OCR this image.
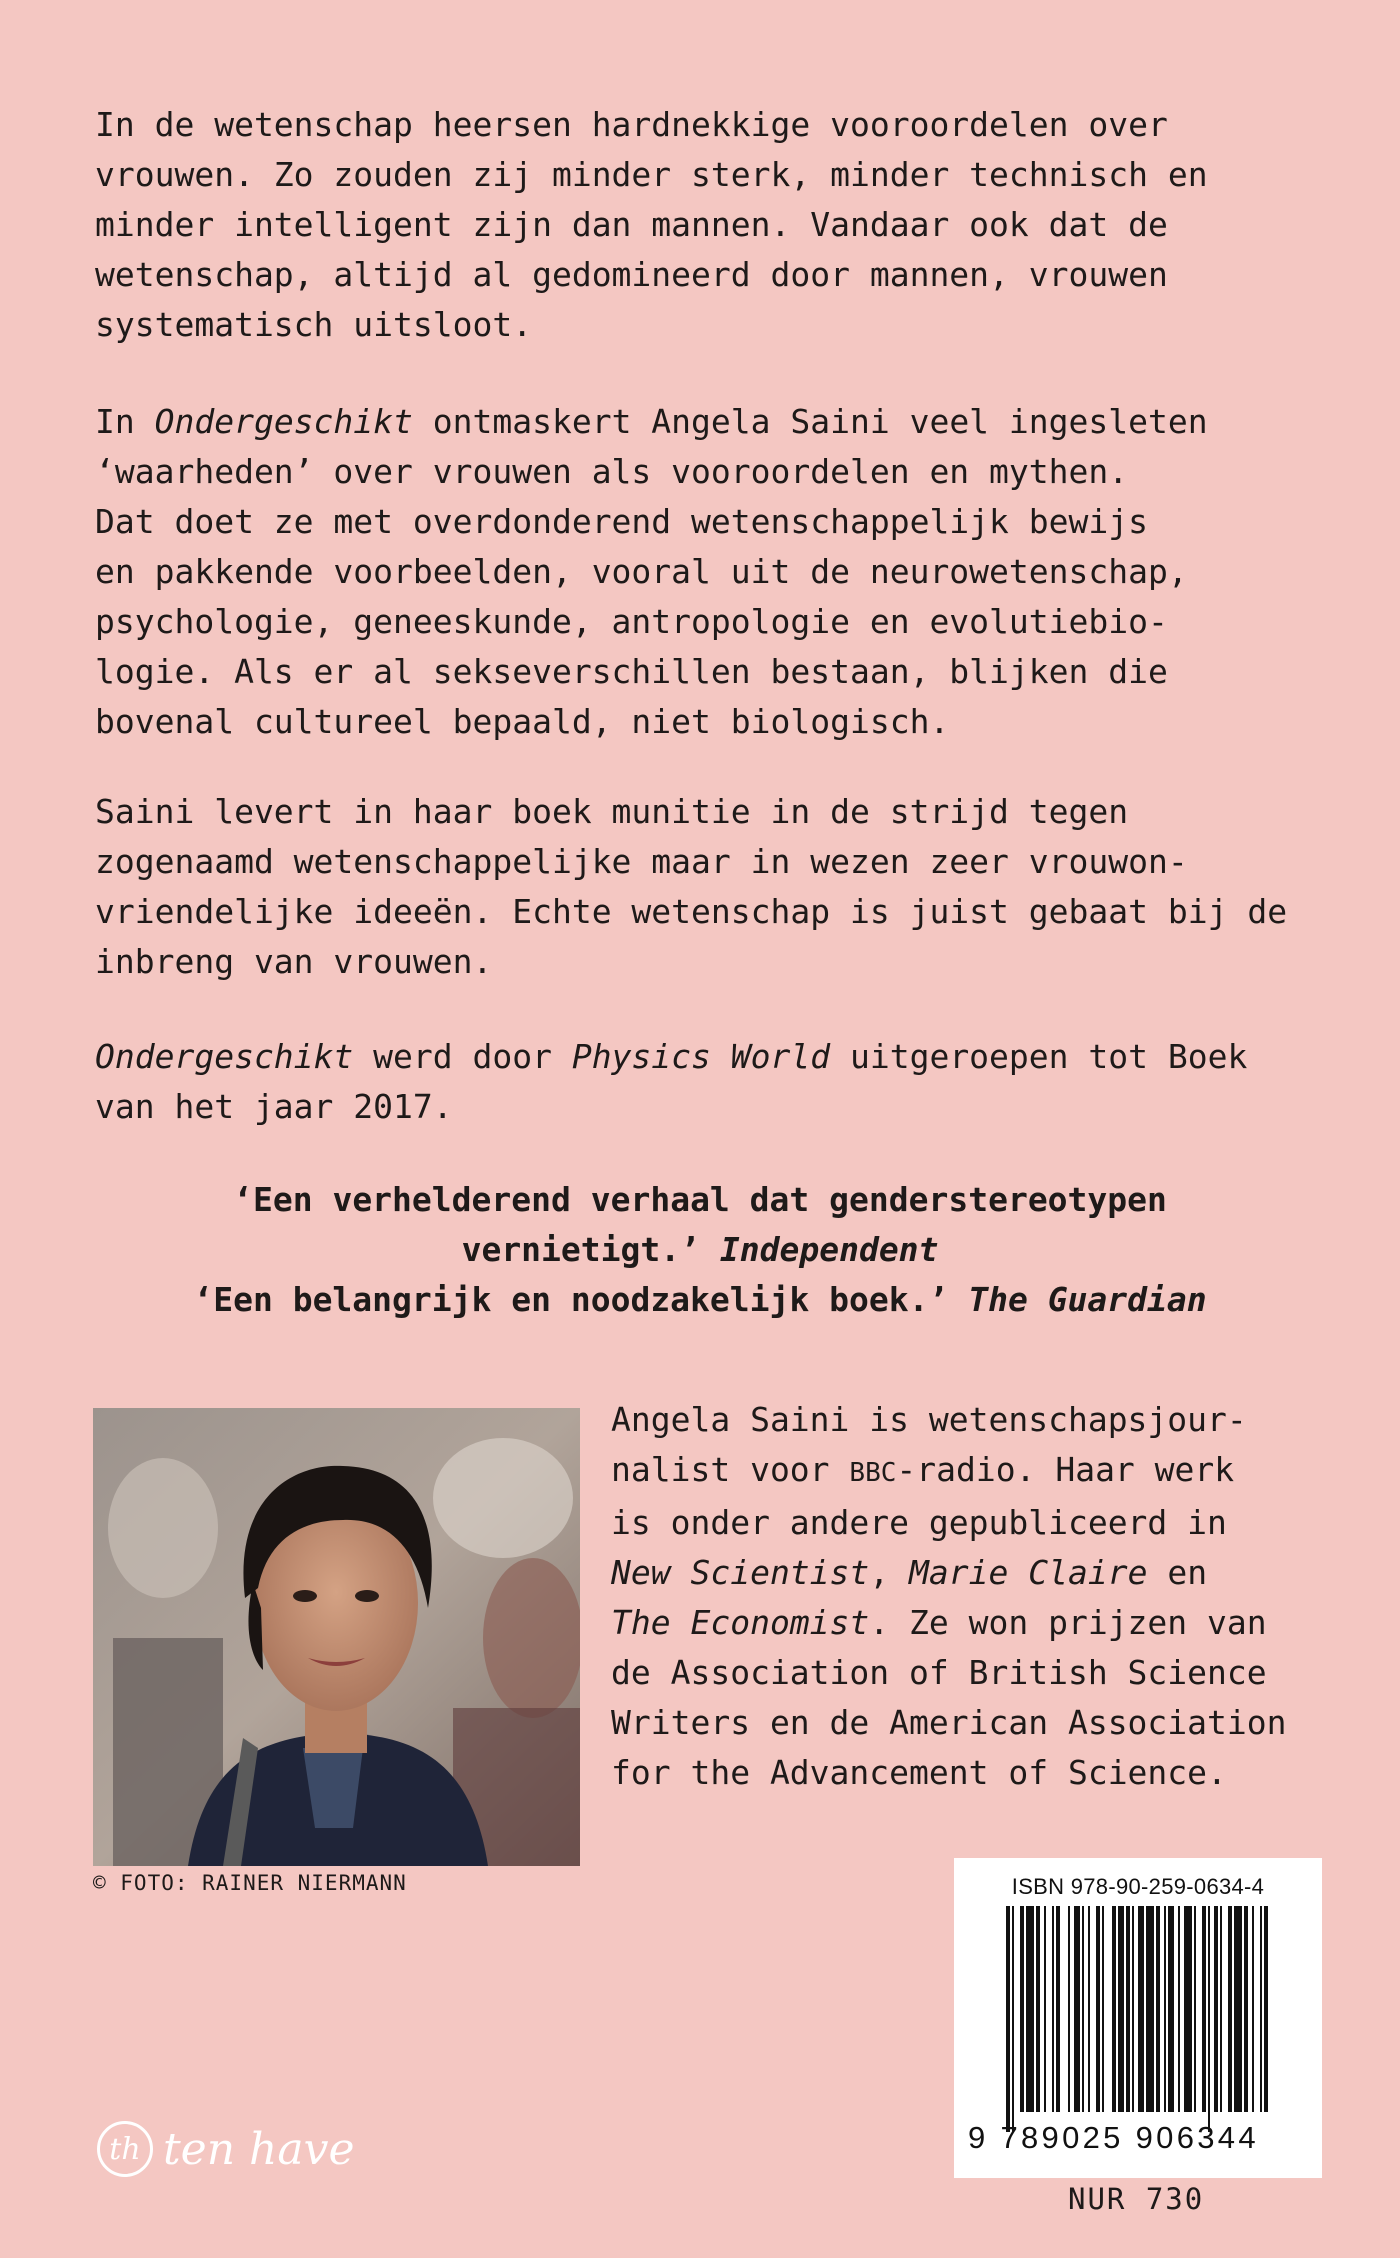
In de wetenschap heersen hardnekkige vooroordelen over
vrouwen. Zo zouden zij minder sterk, minder technisch en
minder intelligent zijn dan mannen. Vandaar ook dat de
wetenschap, altijd al gedomineerd door mannen, vrouwen
systematisch uitsloot.

In Ondergeschikt ontmaskert Angela Saini veel ingesleten
‘waarheden’ over vrouwen als vooroordelen en mythen.
Dat doet ze met overdonderend wetenschappelijk bewijs
en pakkende voorbeelden, vooral uit de neurowetenschap,
psychologie, geneeskunde, antropologie en evolutiebio-
logie. Als er al sekseverschillen bestaan, blijken die
bovenal cultureel bepaald, niet biologisch.

Saini levert in haar boek munitie in de strijd tegen
zogenaamd wetenschappelijke maar in wezen zeer vrouwon-
vriendelijke ideeën. Echte wetenschap is juist gebaat bij de
inbreng van vrouwen.

Ondergeschikt werd door Physics World uitgeroepen tot Boek
van het jaar 2017.

‘Een verhelderend verhaal dat genderstereotypen
vernietigt.’ Independent

‘Een belangrijk en noodzakelijk boek.’ The Guardian

© FOTO: RAINER NIERMANN

Angela Saini is wetenschapsjour-
nalist voor BBC-radio. Haar werk
is onder andere gepubliceerd in
New Scientist, Marie Claire en
The Economist. Ze won prijzen van
de Association of British Science
Writers en de American Association
for the Advancement of Science.

ISBN 978-90-259-0634-4

9 789025 906344

NUR 730

th ten have
